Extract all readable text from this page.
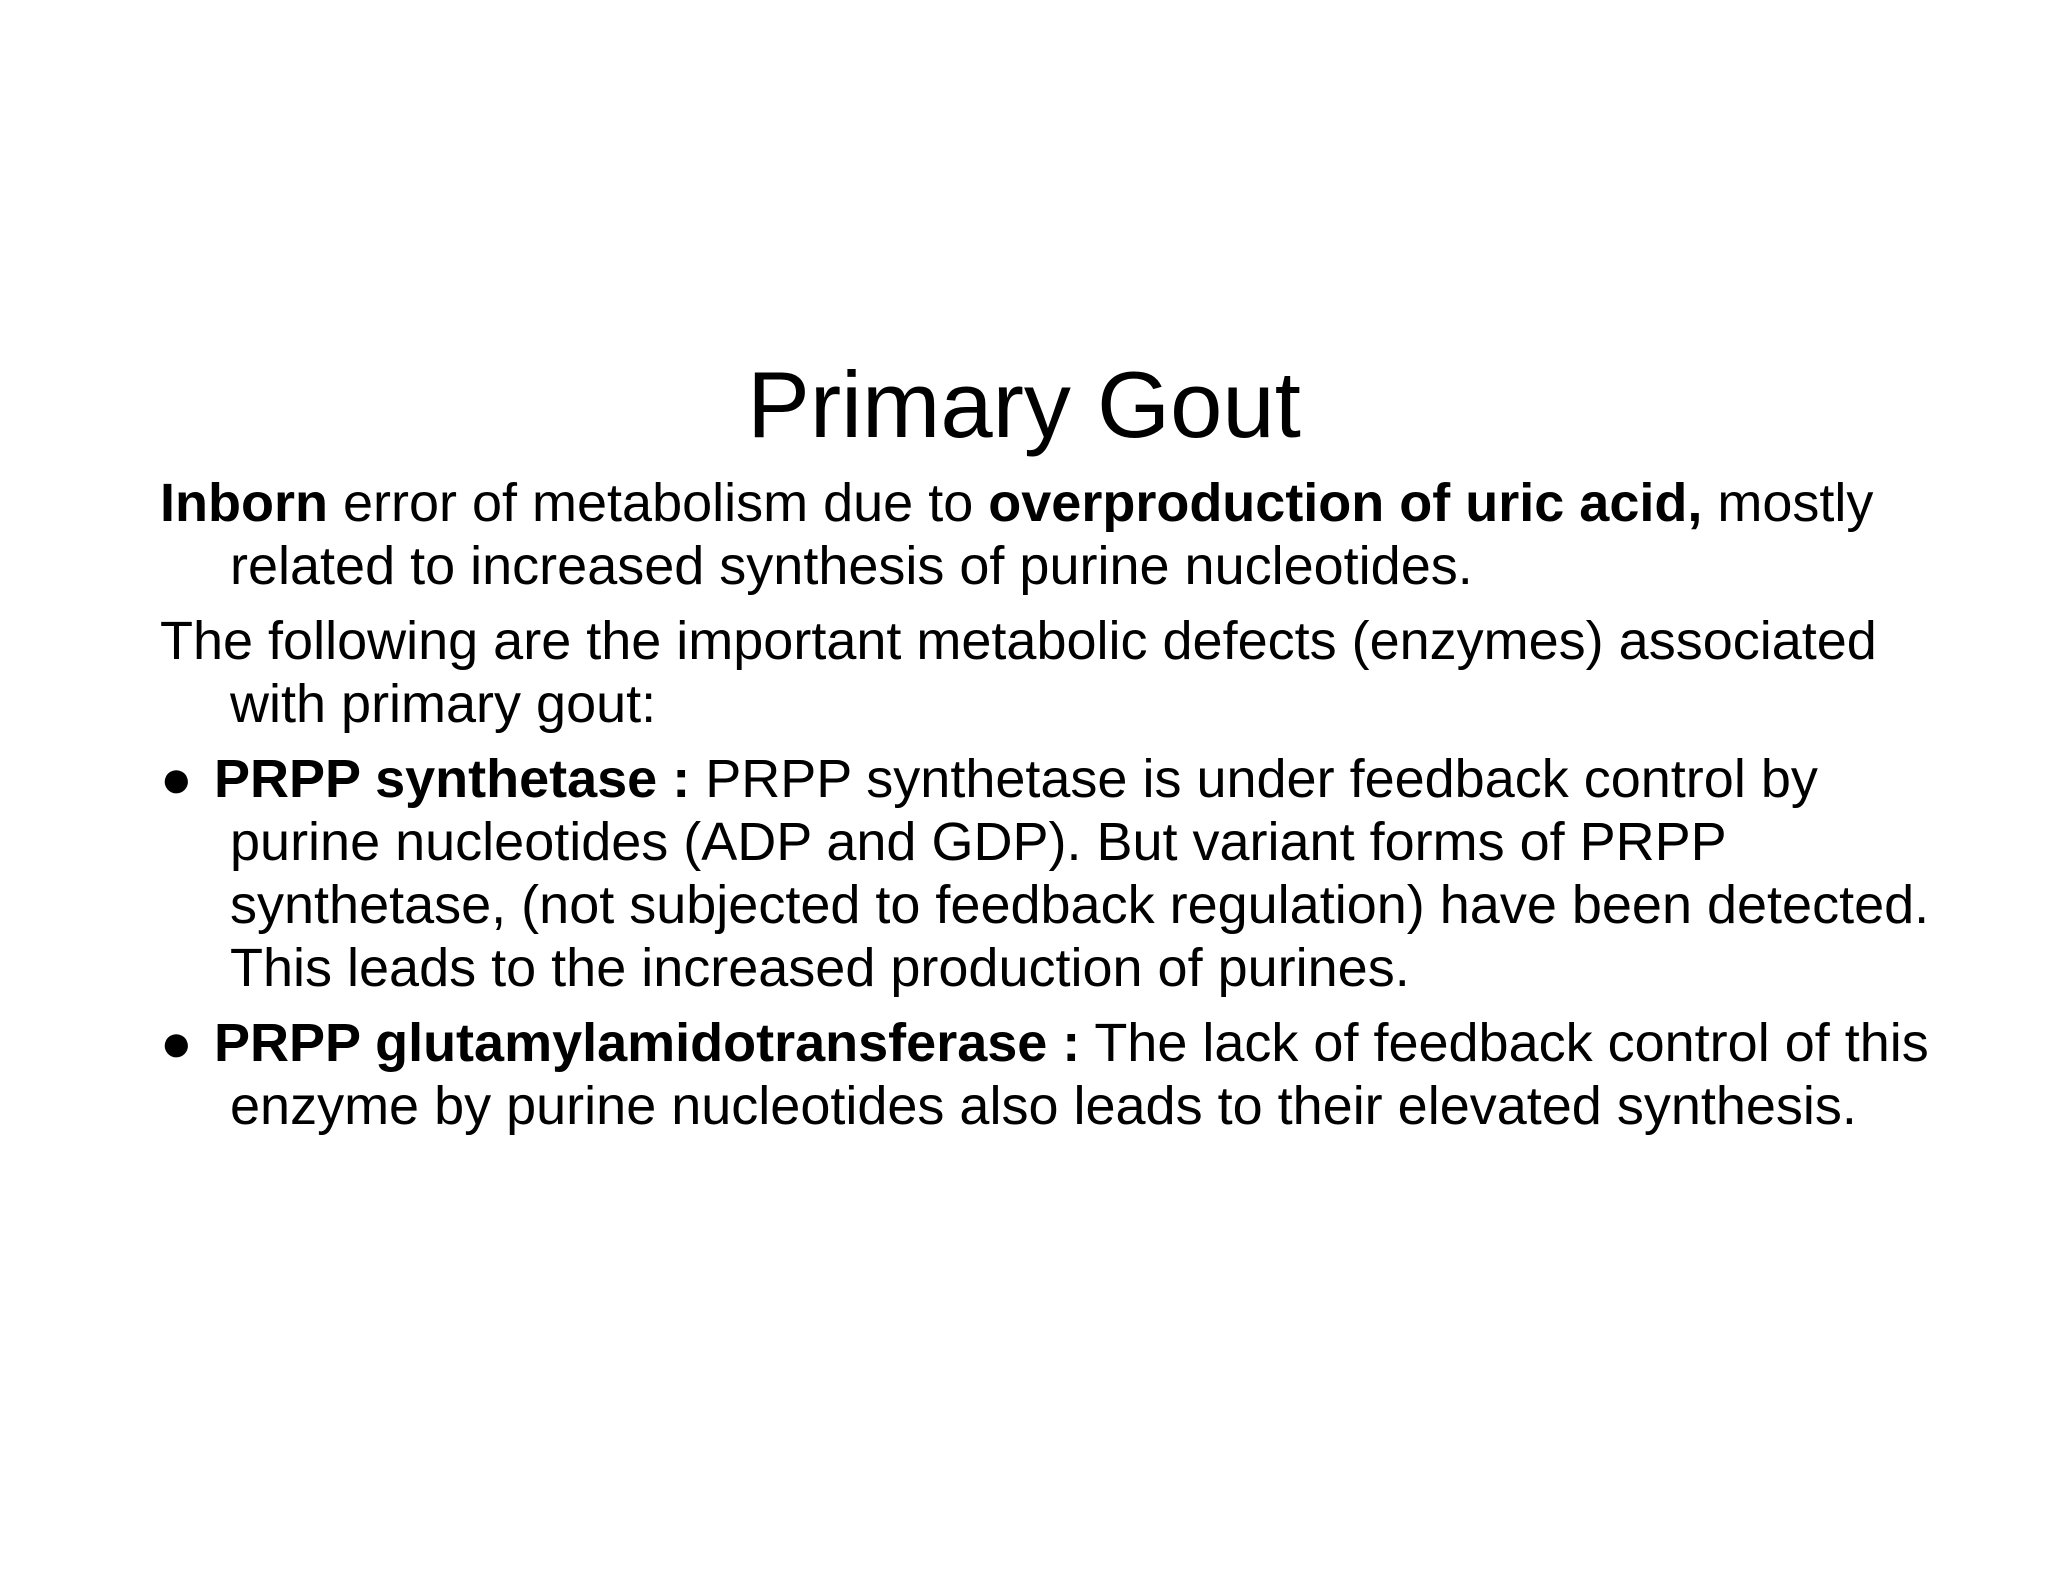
Primary Gout

Inborn error of metabolism due to overproduction of uric acid, mostly related to increased synthesis of purine nucleotides.

The following are the important metabolic defects (enzymes) associated with primary gout:

● PRPP synthetase : PRPP synthetase is under feedback control by purine nucleotides (ADP and GDP). But variant forms of PRPP synthetase, (not subjected to feedback regulation) have been detected. This leads to the increased production of purines.

● PRPP glutamylamidotransferase : The lack of feedback control of this enzyme by purine nucleotides also leads to their elevated synthesis.
